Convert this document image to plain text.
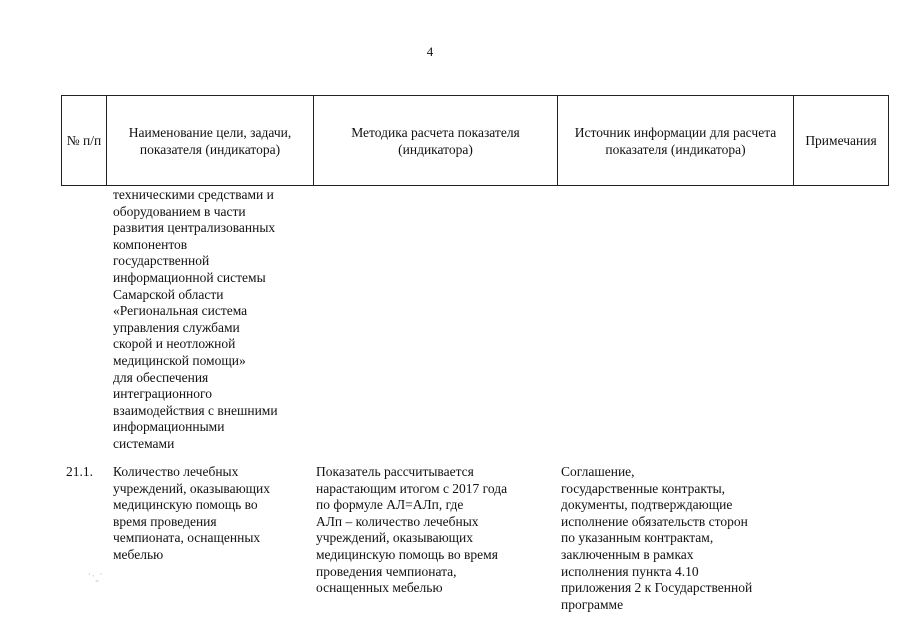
4
№ п/п
Наименование цели, задачи, показателя (индикатора)
Методика расчета показателя (индикатора)
Источник информации для расчета показателя (индикатора)
Примечания
техническими средствами и
оборудованием в части
развития централизованных
компонентов
государственной
информационной системы
Самарской области
«Региональная система
управления службами
скорой и неотложной
медицинской помощи»
для обеспечения
интеграционного
взаимодействия с внешними
информационными
системами
21.1.	Количество лечебных
учреждений, оказывающих
медицинскую помощь во
время проведения
чемпионата, оснащенных
мебелью
Показатель рассчитывается
нарастающим итогом с 2017 года
по формуле АЛ=АЛп, где
АЛп – количество лечебных
учреждений, оказывающих
медицинскую помощь во время
проведения чемпионата,
оснащенных мебелью
Соглашение,
государственные контракты,
документы, подтверждающие
исполнение обязательств сторон
по указанным контрактам,
заключенным в рамках
исполнения пункта 4.10
приложения 2 к Государственной
программе
˙ˑ˷˙
